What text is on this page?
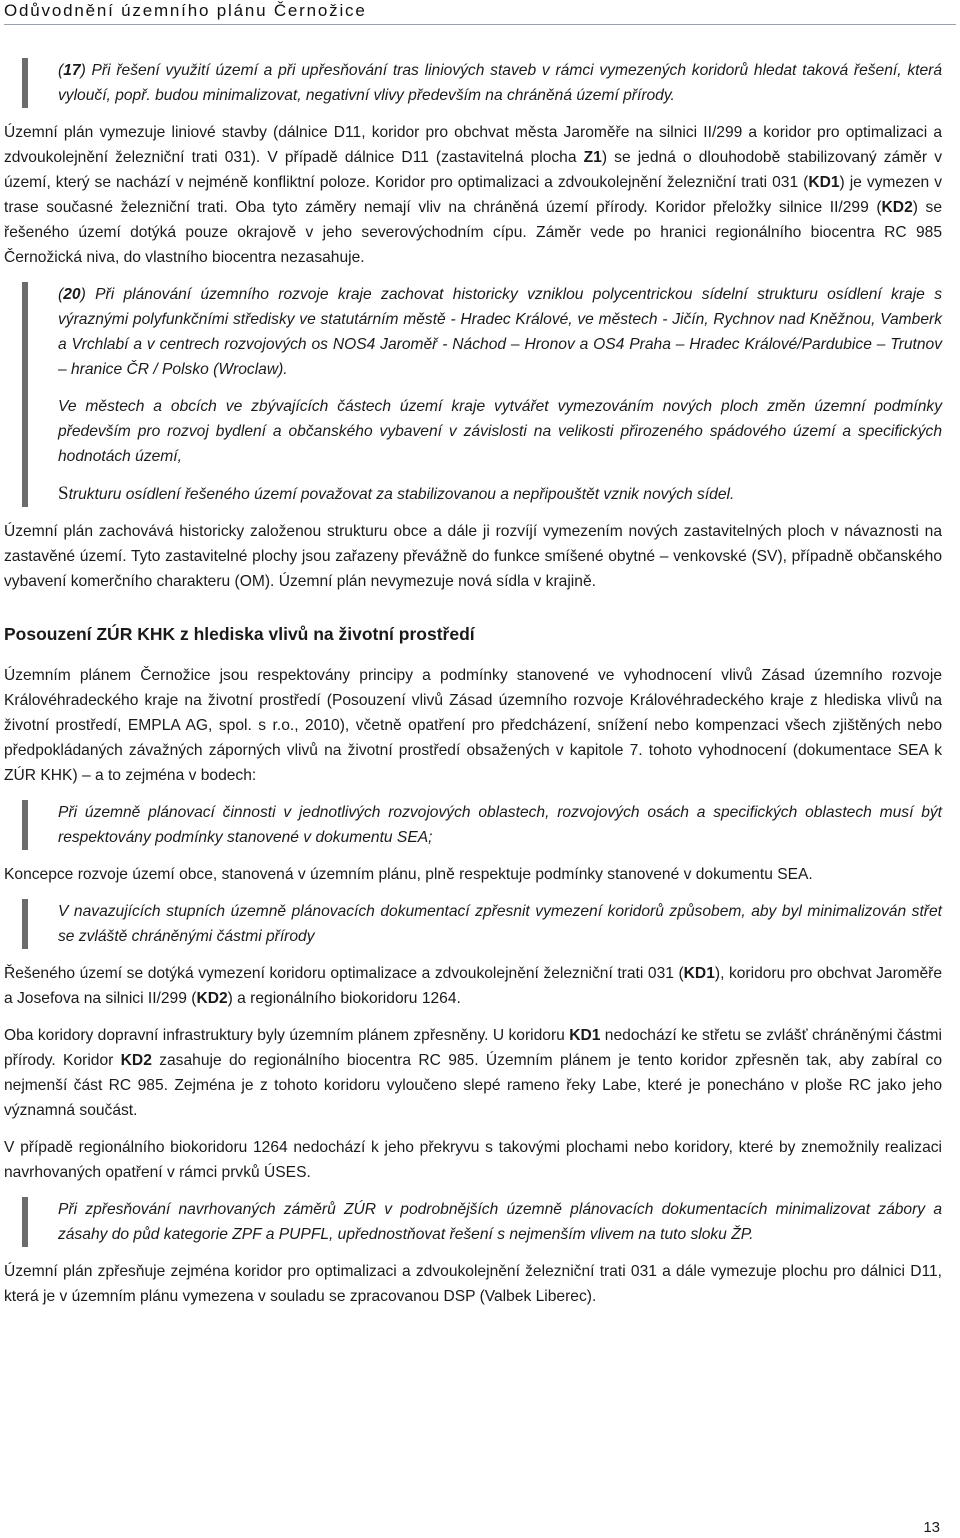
Odůvodnění územního plánu Černožice

(17) Při řešení využití území a při upřesňování tras liniových staveb v rámci vymezených koridorů hledat taková řešení, která vyloučí, popř. budou minimalizovat, negativní vlivy především na chráněná území přírody.

Územní plán vymezuje liniové stavby (dálnice D11, koridor pro obchvat města Jaroměře na silnici II/299 a koridor pro optimalizaci a zdvoukolejnění železniční trati 031). V případě dálnice D11 (zastavitelná plocha Z1) se jedná o dlouhodobě stabilizovaný záměr v území, který se nachází v nejméně konfliktní poloze. Koridor pro optimalizaci a zdvoukolejnění železniční trati 031 (KD1) je vymezen v trase současné železniční trati. Oba tyto záměry nemají vliv na chráněná území přírody. Koridor přeložky silnice II/299 (KD2) se řešeného území dotýká pouze okrajově v jeho severovýchodním cípu. Záměr vede po hranici regionálního biocentra RC 985 Černožická niva, do vlastního biocentra nezasahuje.

(20) Při plánování územního rozvoje kraje zachovat historicky vzniklou polycentrickou sídelní strukturu osídlení kraje s výraznými polyfunkčními středisky ve statutárním městě - Hradec Králové, ve městech - Jičín, Rychnov nad Kněžnou, Vamberk a Vrchlabí a v centrech rozvojových os NOS4 Jaroměř - Náchod – Hronov a OS4 Praha – Hradec Králové/Pardubice – Trutnov – hranice ČR / Polsko (Wroclaw).

Ve městech a obcích ve zbývajících částech území kraje vytvářet vymezováním nových ploch změn územní podmínky především pro rozvoj bydlení a občanského vybavení v závislosti na velikosti přirozeného spádového území a specifických hodnotách území,

Strukturu osídlení řešeného území považovat za stabilizovanou a nepřipouštět vznik nových sídel.

Územní plán zachovává historicky založenou strukturu obce a dále ji rozvíjí vymezením nových zastavitelných ploch v návaznosti na zastavěné území. Tyto zastavitelné plochy jsou zařazeny převážně do funkce smíšené obytné – venkovské (SV), případně občanského vybavení komerčního charakteru (OM). Územní plán nevymezuje nová sídla v krajině.

Posouzení ZÚR KHK z hlediska vlivů na životní prostředí

Územním plánem Černožice jsou respektovány principy a podmínky stanovené ve vyhodnocení vlivů Zásad územního rozvoje Královéhradeckého kraje na životní prostředí (Posouzení vlivů Zásad územního rozvoje Královéhradeckého kraje z hlediska vlivů na životní prostředí, EMPLA AG, spol. s r.o., 2010), včetně opatření pro předcházení, snížení nebo kompenzaci všech zjištěných nebo předpokládaných závažných záporných vlivů na životní prostředí obsažených v kapitole 7. tohoto vyhodnocení (dokumentace SEA k ZÚR KHK) – a to zejména v bodech:

Při územně plánovací činnosti v jednotlivých rozvojových oblastech, rozvojových osách a specifických oblastech musí být respektovány podmínky stanovené v dokumentu SEA;

Koncepce rozvoje území obce, stanovená v územním plánu, plně respektuje podmínky stanovené v dokumentu SEA.

V navazujících stupních územně plánovacích dokumentací zpřesnit vymezení koridorů způsobem, aby byl minimalizován střet se zvláště chráněnými částmi přírody

Řešeného území se dotýká vymezení koridoru optimalizace a zdvoukolejnění železniční trati 031 (KD1), koridoru pro obchvat Jaroměře a Josefova na silnici II/299 (KD2) a regionálního biokoridoru 1264.

Oba koridory dopravní infrastruktury byly územním plánem zpřesněny. U koridoru KD1 nedochází ke střetu se zvlášť chráněnými částmi přírody. Koridor KD2 zasahuje do regionálního biocentra RC 985. Územním plánem je tento koridor zpřesněn tak, aby zabíral co nejmenší část RC 985. Zejména je z tohoto koridoru vyloučeno slepé rameno řeky Labe, které je ponecháno v ploše RC jako jeho významná součást.

V případě regionálního biokoridoru 1264 nedochází k jeho překryvu s takovými plochami nebo koridory, které by znemožnily realizaci navrhovaných opatření v rámci prvků ÚSES.

Při zpřesňování navrhovaných záměrů ZÚR v podrobnějších územně plánovacích dokumentacích minimalizovat zábory a zásahy do půd kategorie ZPF a PUPFL, upřednostňovat řešení s nejmenším vlivem na tuto sloku ŽP.

Územní plán zpřesňuje zejména koridor pro optimalizaci a zdvoukolejnění železniční trati 031 a dále vymezuje plochu pro dálnici D11, která je v územním plánu vymezena v souladu se zpracovanou DSP (Valbek Liberec).

13
